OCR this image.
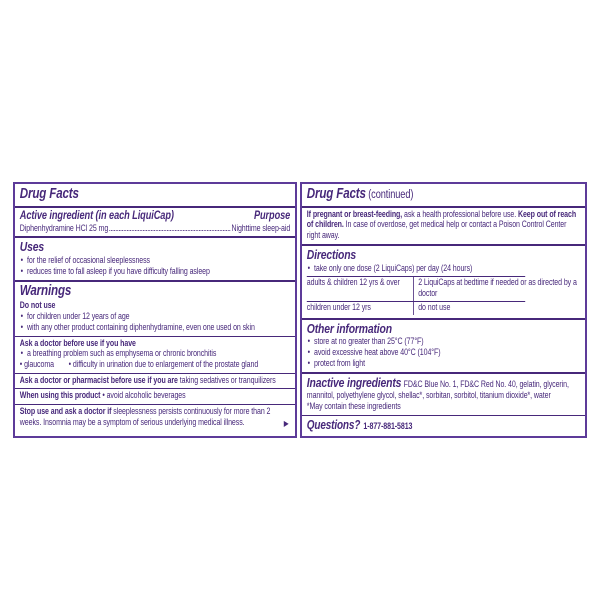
Drug Facts
Active ingredient (in each LiquiCap)	Purpose
Diphenhydramine HCl 25 mg	Nighttime sleep-aid
Uses
• for the relief of occasional sleeplessness
• reduces time to fall asleep if you have difficulty falling asleep
Warnings
Do not use
• for children under 12 years of age
• with any other product containing diphenhydramine, even one used on skin
Ask a doctor before use if you have
• a breathing problem such as emphysema or chronic bronchitis
• glaucoma • difficulty in urination due to enlargement of the prostate gland
Ask a doctor or pharmacist before use if you are taking sedatives or tranquilizers
When using this product • avoid alcoholic beverages
Stop use and ask a doctor if sleeplessness persists continuously for more than 2 weeks. Insomnia may be a symptom of serious underlying medical illness.	▶
Drug Facts (continued)
If pregnant or breast-feeding, ask a health professional before use. Keep out of reach of children. In case of overdose, get medical help or contact a Poison Control Center right away.
Directions
• take only one dose (2 LiquiCaps) per day (24 hours)
adults & children 12 yrs & over	2 LiquiCaps at bedtime if needed or as directed by a doctor
children under 12 yrs	do not use
Other information
• store at no greater than 25°C (77°F)
• avoid excessive heat above 40°C (104°F)
• protect from light
Inactive ingredients FD&C Blue No. 1, FD&C Red No. 40, gelatin, glycerin, mannitol, polyethylene glycol, shellac*, sorbitan, sorbitol, titanium dioxide*, water
*May contain these ingredients
Questions? 1-877-881-5813
